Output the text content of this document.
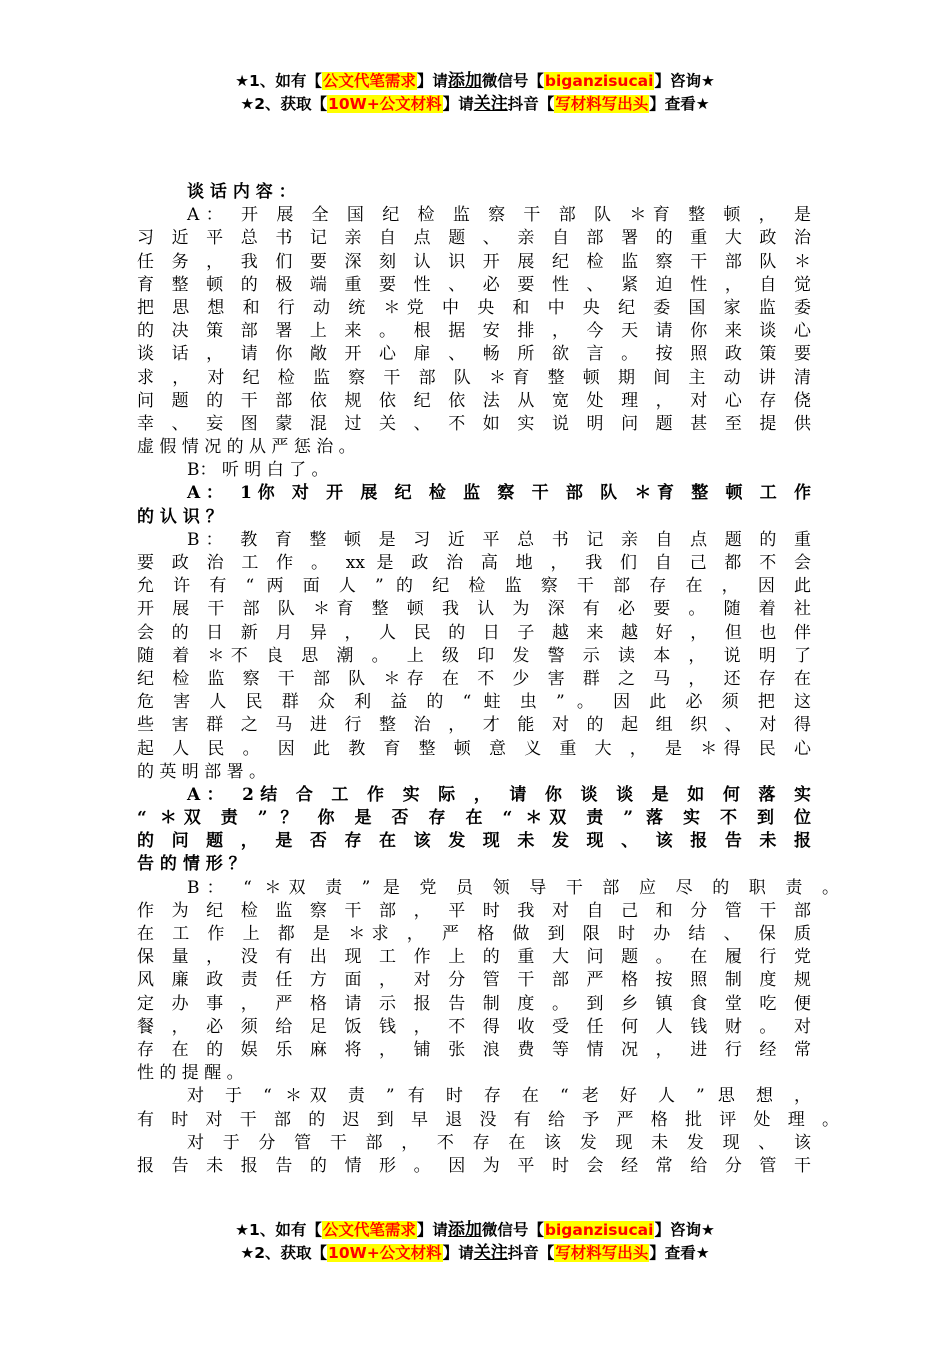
★1、如有【公文代笔需求】请添加微信号【biganzisucai】咨询★
★2、获取【10W+公文材料】请关注抖音【写材料写出头】查看★
谈 话 内 容 ：
A： 开 展 全 国 纪 检 监 察 干 部 队 ＊育 整 顿 ， 是
习 近 平 总 书 记 亲 自 点 题 、 亲 自 部 署 的 重 大 政 治
任 务 ， 我 们 要 深 刻 认 识 开 展 纪 检 监 察 干 部 队 ＊
育 整 顿 的 极 端 重 要 性 、 必 要 性 、 紧 迫 性 ， 自 觉
把 思 想 和 行 动 统 ＊党 中 央 和 中 央 纪 委 国 家 监 委
的 决 策 部 署 上 来 。 根 据 安 排 ， 今 天 请 你 来 谈 心
谈 话 ， 请 你 敞 开 心 扉 、 畅 所 欲 言 。 按 照 政 策 要
求 ， 对 纪 检 监 察 干 部 队 ＊育 整 顿 期 间 主 动 讲 清
问 题 的 干 部 依 规 依 纪 依 法 从 宽 处 理 ， 对 心 存 侥
幸 、 妄 图 蒙 混 过 关 、 不 如 实 说 明 问 题 甚 至 提 供
虚 假 情 况 的 从 严 惩 治 。
B： 听 明 白 了 。
A： 1你 对 开 展 纪 检 监 察 干 部 队 ＊育 整 顿 工 作
的 认 识 ？
B： 教 育 整 顿 是 习 近 平 总 书 记 亲 自 点 题 的 重
要 政 治 工 作 。 xx 是 政 治 高 地 ， 我 们 自 己 都 不 会
允 许 有 “ 两 面 人 ” 的 纪 检 监 察 干 部 存 在 ， 因 此
开 展 干 部 队 ＊育 整 顿 我 认 为 深 有 必 要 。 随 着 社
会 的 日 新 月 异 ， 人 民 的 日 子 越 来 越 好 ， 但 也 伴
随 着 ＊不 良 思 潮 。 上 级 印 发 警 示 读 本 ， 说 明 了
纪 检 监 察 干 部 队 ＊存 在 不 少 害 群 之 马 ， 还 存 在
危 害 人 民 群 众 利 益 的 “ 蛀 虫 ” 。 因 此 必 须 把 这
些 害 群 之 马 进 行 整 治 ， 才 能 对 的 起 组 织 、 对 得
起 人 民 。 因 此 教 育 整 顿 意 义 重 大 ， 是 ＊得 民 心
的 英 明 部 署 。
A： 2结 合 工 作 实 际 ， 请 你 谈 谈 是 如 何 落 实
“ ＊双 责 ” ？ 你 是 否 存 在 “ ＊双 责 ” 落 实 不 到 位
的 问 题 ， 是 否 存 在 该 发 现 未 发 现 、 该 报 告 未 报
告 的 情 形 ？
B： “ ＊双 责 ” 是 党 员 领 导 干 部 应 尽 的 职 责 。
作 为 纪 检 监 察 干 部 ， 平 时 我 对 自 己 和 分 管 干 部
在 工 作 上 都 是 ＊求 ， 严 格 做 到 限 时 办 结 、 保 质
保 量 ， 没 有 出 现 工 作 上 的 重 大 问 题 。 在 履 行 党
风 廉 政 责 任 方 面 ， 对 分 管 干 部 严 格 按 照 制 度 规
定 办 事 ， 严 格 请 示 报 告 制 度 。 到 乡 镇 食 堂 吃 便
餐 ， 必 须 给 足 饭 钱 ， 不 得 收 受 任 何 人 钱 财 。 对
存 在 的 娱 乐 麻 将 ， 铺 张 浪 费 等 情 况 ， 进 行 经 常
性 的 提 醒 。
对 于 “ ＊双 责 ” 有 时 存 在 “ 老 好 人 ” 思 想 ，
有 时 对 干 部 的 迟 到 早 退 没 有 给 予 严 格 批 评 处 理 。
对 于 分 管 干 部 ， 不 存 在 该 发 现 未 发 现 、 该
报 告 未 报 告 的 情 形 。 因 为 平 时 会 经 常 给 分 管 干
★1、如有【公文代笔需求】请添加微信号【biganzisucai】咨询★
★2、获取【10W+公文材料】请关注抖音【写材料写出头】查看★
